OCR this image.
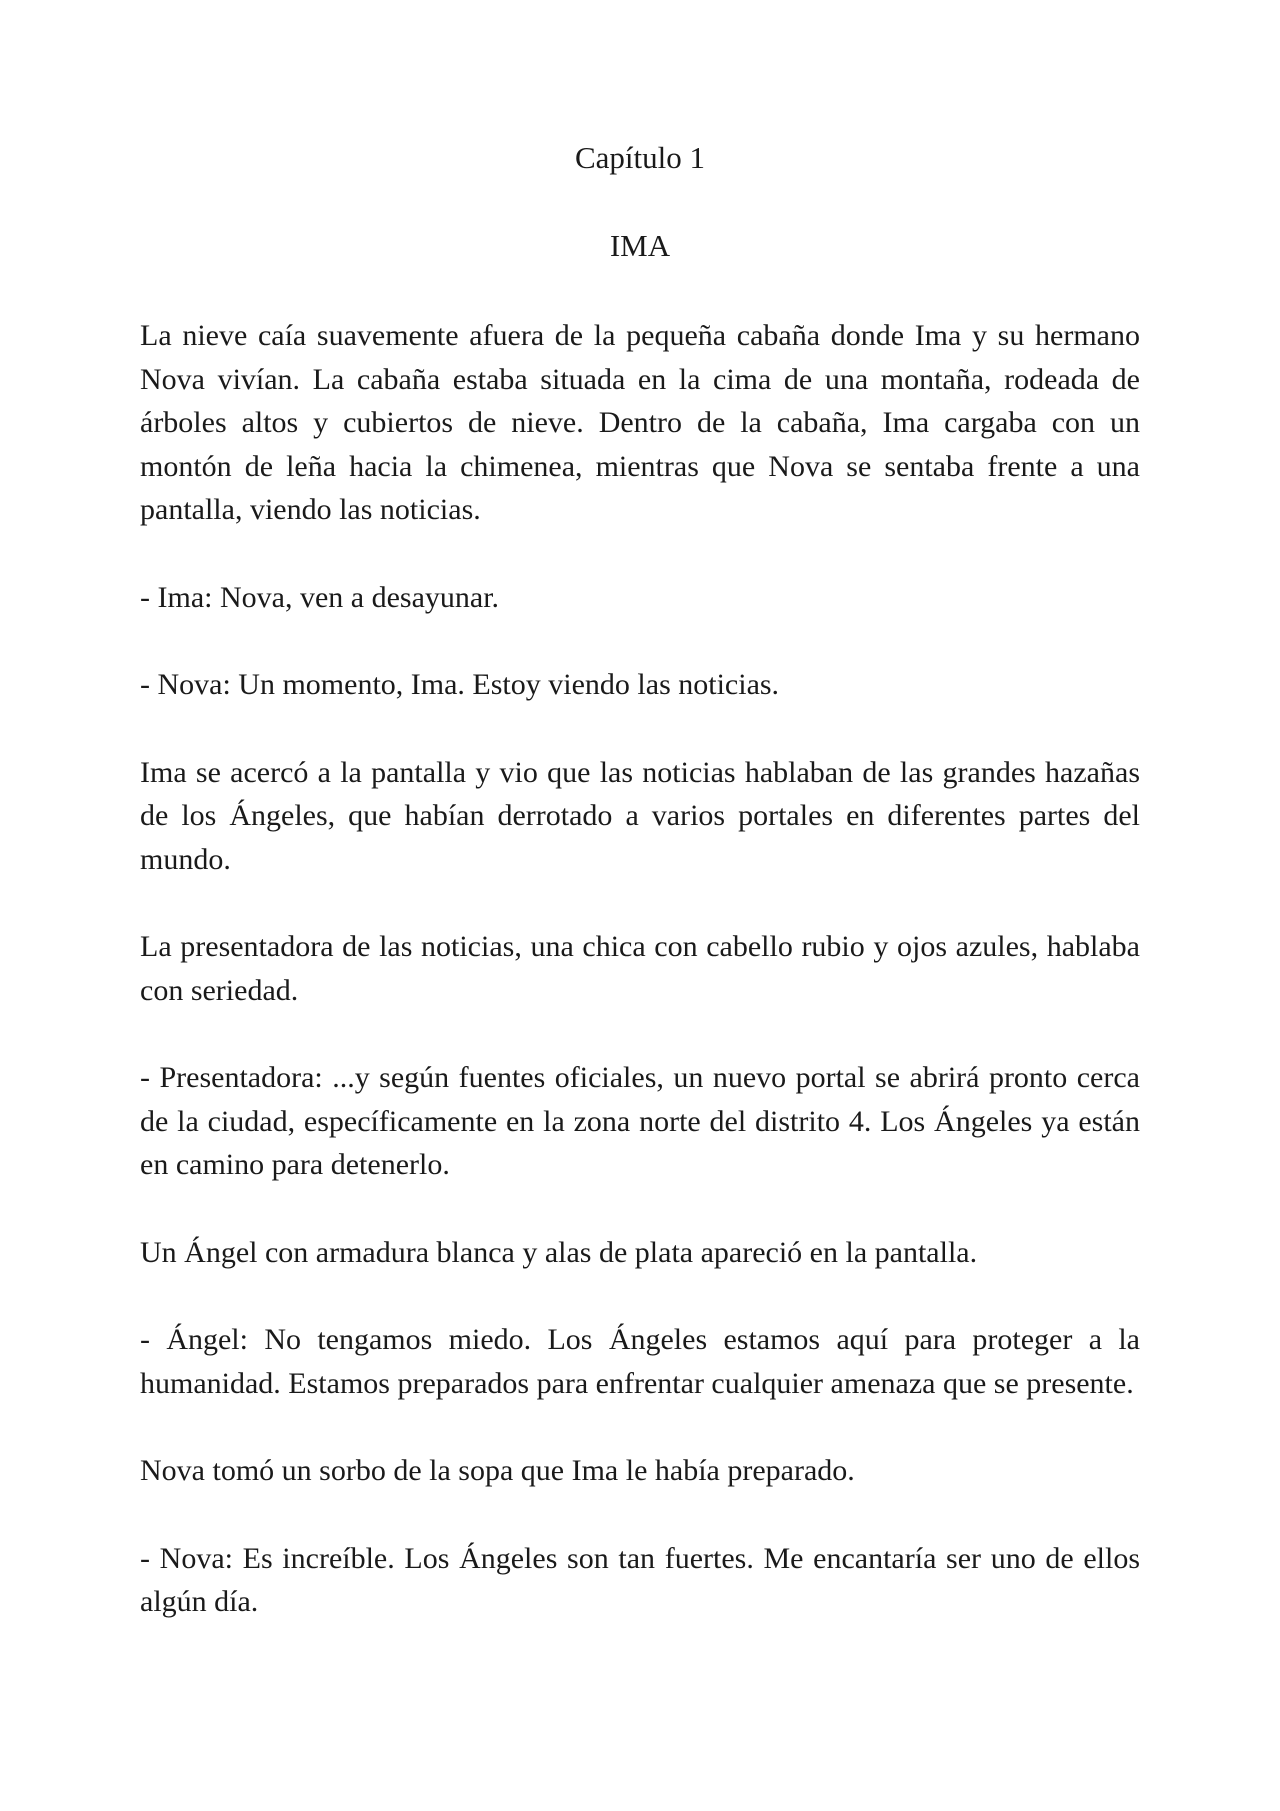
Capítulo 1

IMA

La nieve caía suavemente afuera de la pequeña cabaña donde Ima y su hermano Nova vivían. La cabaña estaba situada en la cima de una montaña, rodeada de árboles altos y cubiertos de nieve. Dentro de la cabaña, Ima cargaba con un montón de leña hacia la chimenea, mientras que Nova se sentaba frente a una pantalla, viendo las noticias.

- Ima: Nova, ven a desayunar.

- Nova: Un momento, Ima. Estoy viendo las noticias.

Ima se acercó a la pantalla y vio que las noticias hablaban de las grandes hazañas de los Ángeles, que habían derrotado a varios portales en diferentes partes del mundo.

La presentadora de las noticias, una chica con cabello rubio y ojos azules, hablaba con seriedad.

- Presentadora: ...y según fuentes oficiales, un nuevo portal se abrirá pronto cerca de la ciudad, específicamente en la zona norte del distrito 4. Los Ángeles ya están en camino para detenerlo.

Un Ángel con armadura blanca y alas de plata apareció en la pantalla.

- Ángel: No tengamos miedo. Los Ángeles estamos aquí para proteger a la humanidad. Estamos preparados para enfrentar cualquier amenaza que se presente.

Nova tomó un sorbo de la sopa que Ima le había preparado.

- Nova: Es increíble. Los Ángeles son tan fuertes. Me encantaría ser uno de ellos algún día.
